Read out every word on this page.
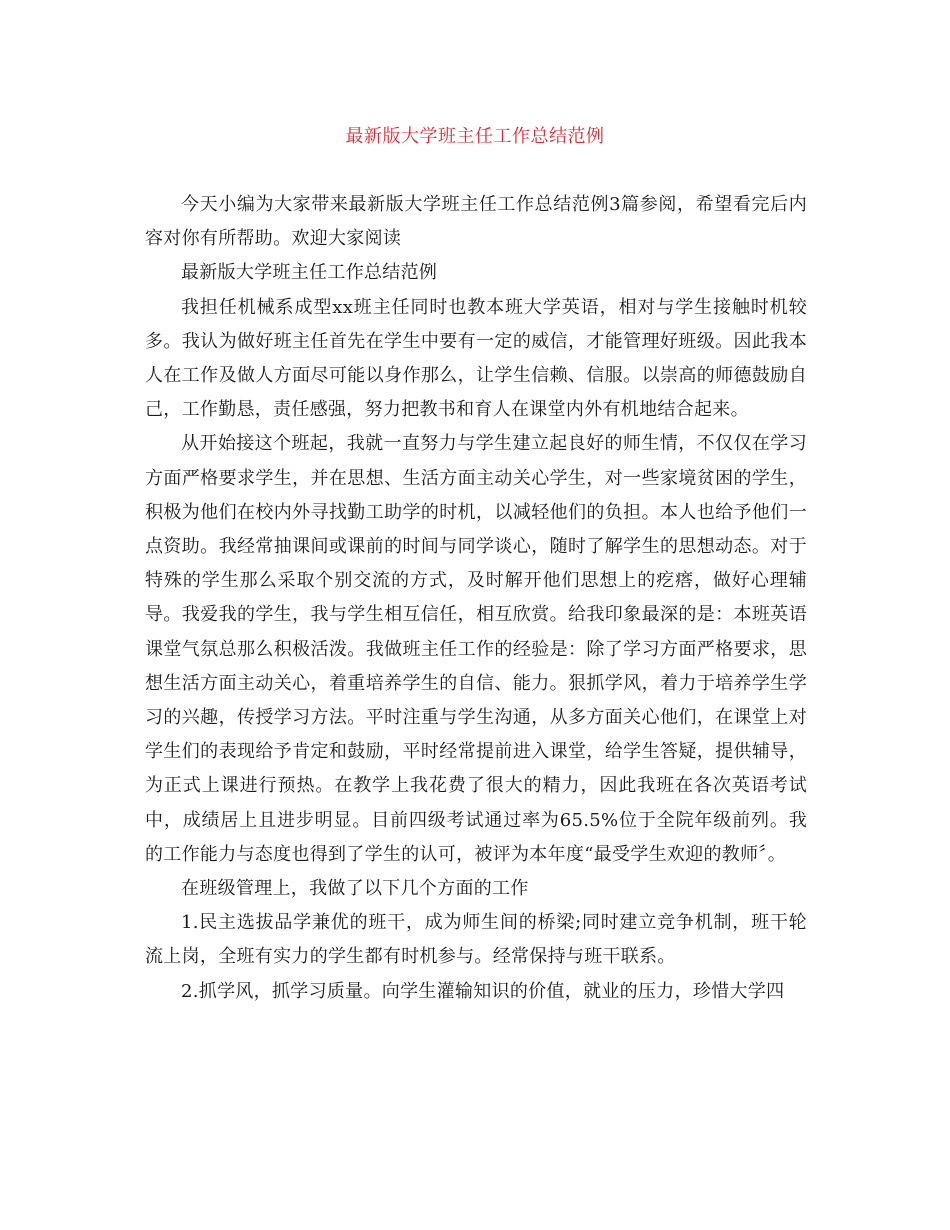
最新版大学班主任工作总结范例

今天小编为大家带来最新版大学班主任工作总结范例3篇参阅，希望看完后内容对你有所帮助。欢迎大家阅读

最新版大学班主任工作总结范例

我担任机械系成型xx班主任同时也教本班大学英语，相对与学生接触时机较多。我认为做好班主任首先在学生中要有一定的威信，才能管理好班级。因此我本人在工作及做人方面尽可能以身作那么，让学生信赖、信服。以崇高的师德鼓励自己，工作勤恳，责任感强，努力把教书和育人在课堂内外有机地结合起来。

从开始接这个班起，我就一直努力与学生建立起良好的师生情，不仅仅在学习方面严格要求学生，并在思想、生活方面主动关心学生，对一些家境贫困的学生，积极为他们在校内外寻找勤工助学的时机，以减轻他们的负担。本人也给予他们一点资助。我经常抽课间或课前的时间与同学谈心，随时了解学生的思想动态。对于特殊的学生那么采取个别交流的方式，及时解开他们思想上的疙瘩，做好心理辅导。我爱我的学生，我与学生相互信任，相互欣赏。给我印象最深的是：本班英语课堂气氛总那么积极活泼。我做班主任工作的经验是：除了学习方面严格要求，思想生活方面主动关心，着重培养学生的自信、能力。狠抓学风，着力于培养学生学习的兴趣，传授学习方法。平时注重与学生沟通，从多方面关心他们，在课堂上对学生们的表现给予肯定和鼓励，平时经常提前进入课堂，给学生答疑，提供辅导，为正式上课进行预热。在教学上我花费了很大的精力，因此我班在各次英语考试中，成绩居上且进步明显。目前四级考试通过率为65.5%位于全院年级前列。我的工作能力与态度也得到了学生的认可，被评为本年度“最受学生欢迎的教师〞。

在班级管理上，我做了以下几个方面的工作

1.民主选拔品学兼优的班干，成为师生间的桥梁;同时建立竞争机制，班干轮流上岗，全班有实力的学生都有时机参与。经常保持与班干联系。

2.抓学风，抓学习质量。向学生灌输知识的价值，就业的压力，珍惜大学四
